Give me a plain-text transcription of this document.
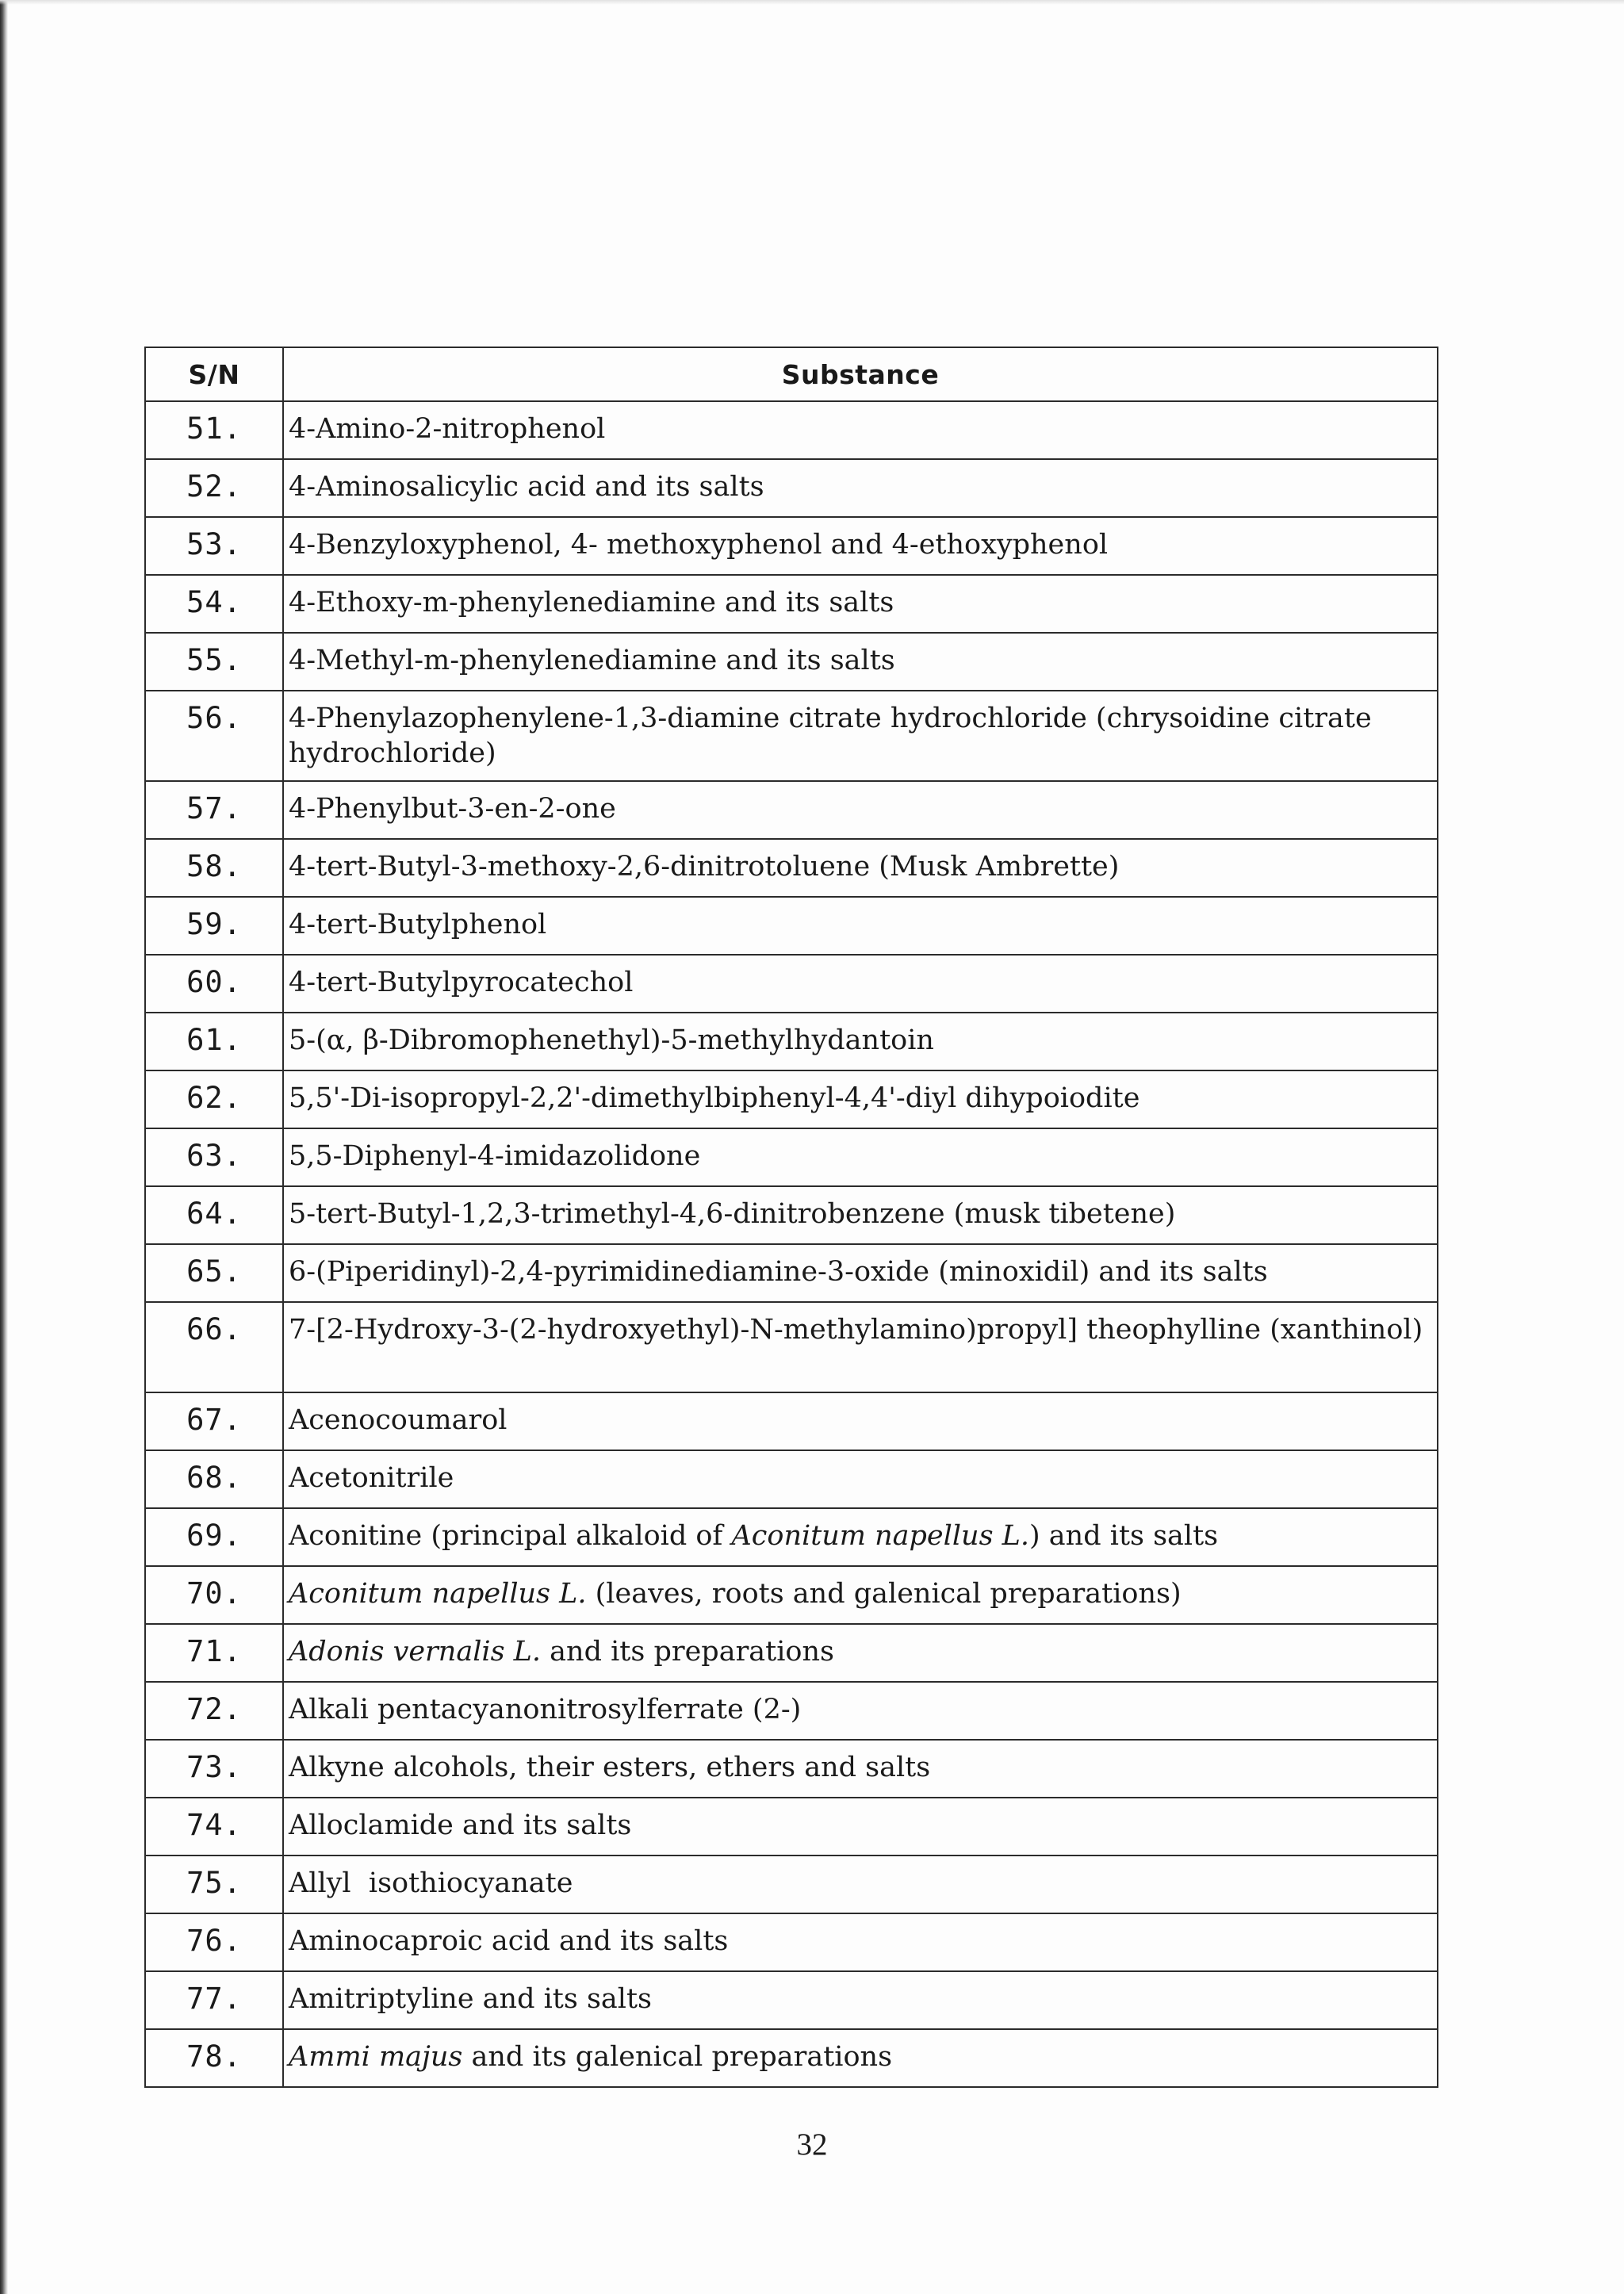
S/N	Substance
51.	4-Amino-2-nitrophenol
52.	4-Aminosalicylic acid and its salts
53.	4-Benzyloxyphenol, 4- methoxyphenol and 4-ethoxyphenol
54.	4-Ethoxy-m-phenylenediamine and its salts
55.	4-Methyl-m-phenylenediamine and its salts
56.	4-Phenylazophenylene-1,3-diamine citrate hydrochloride (chrysoidine citrate hydrochloride)
57.	4-Phenylbut-3-en-2-one
58.	4-tert-Butyl-3-methoxy-2,6-dinitrotoluene (Musk Ambrette)
59.	4-tert-Butylphenol
60.	4-tert-Butylpyrocatechol
61.	5-(α, β-Dibromophenethyl)-5-methylhydantoin
62.	5,5'-Di-isopropyl-2,2'-dimethylbiphenyl-4,4'-diyl dihypoiodite
63.	5,5-Diphenyl-4-imidazolidone
64.	5-tert-Butyl-1,2,3-trimethyl-4,6-dinitrobenzene (musk tibetene)
65.	6-(Piperidinyl)-2,4-pyrimidinediamine-3-oxide (minoxidil) and its salts
66.	7-[2-Hydroxy-3-(2-hydroxyethyl)-N-methylamino)propyl] theophylline (xanthinol)
67.	Acenocoumarol
68.	Acetonitrile
69.	Aconitine (principal alkaloid of Aconitum napellus L.) and its salts
70.	Aconitum napellus L. (leaves, roots and galenical preparations)
71.	Adonis vernalis L. and its preparations
72.	Alkali pentacyanonitrosylferrate (2-)
73.	Alkyne alcohols, their esters, ethers and salts
74.	Alloclamide and its salts
75.	Allyl  isothiocyanate
76.	Aminocaproic acid and its salts
77.	Amitriptyline and its salts
78.	Ammi majus and its galenical preparations
32
